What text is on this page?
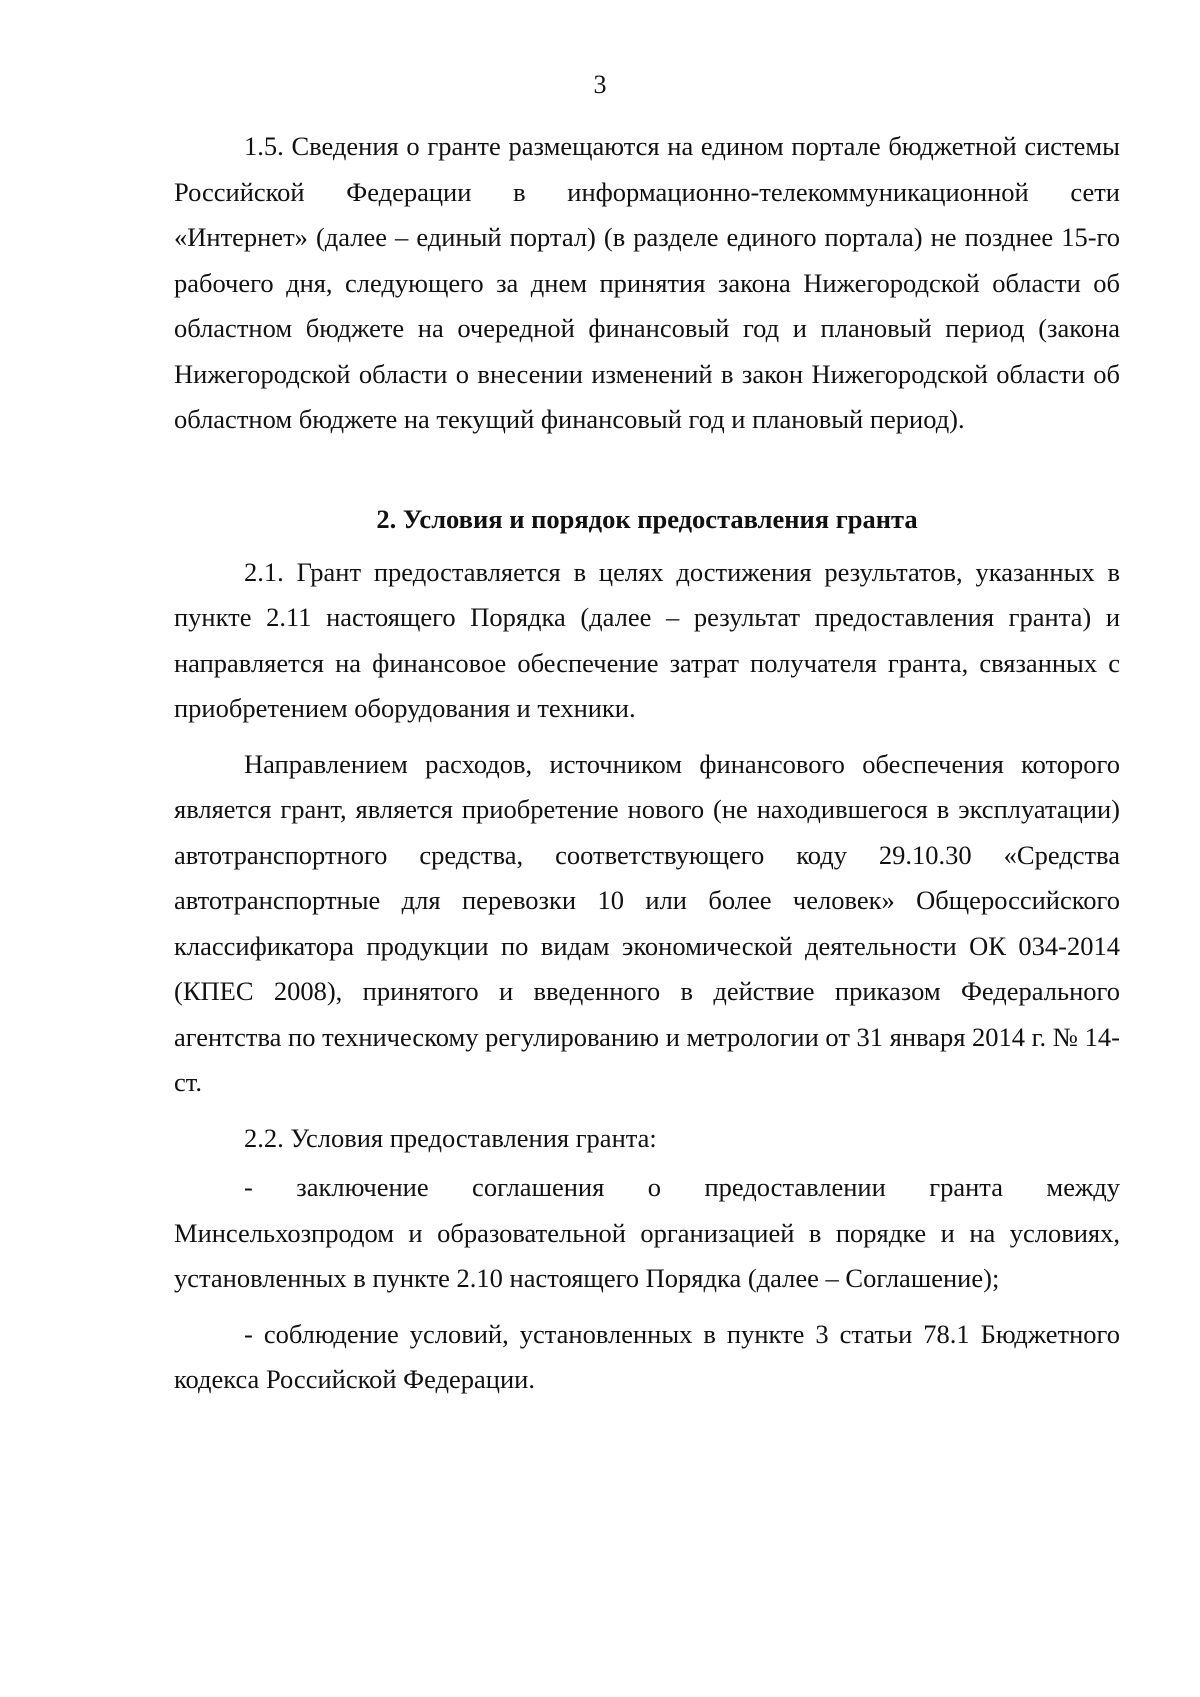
3

1.5. Сведения о гранте размещаются на едином портале бюджетной системы Российской Федерации в информационно-телекоммуникационной сети «Интернет» (далее – единый портал) (в разделе единого портала) не позднее 15-го рабочего дня, следующего за днем принятия закона Нижегородской области об областном бюджете на очередной финансовый год и плановый период (закона Нижегородской области о внесении изменений в закон Нижегородской области об областном бюджете на текущий финансовый год и плановый период).

2. Условия и порядок предоставления гранта

2.1. Грант предоставляется в целях достижения результатов, указанных в пункте 2.11 настоящего Порядка (далее – результат предоставления гранта) и направляется на финансовое обеспечение затрат получателя гранта, связанных с приобретением оборудования и техники.

Направлением расходов, источником финансового обеспечения которого является грант, является приобретение нового (не находившегося в эксплуатации) автотранспортного средства, соответствующего коду 29.10.30 «Средства автотранспортные для перевозки 10 или более человек» Общероссийского классификатора продукции по видам экономической деятельности ОК 034-2014 (КПЕС 2008), принятого и введенного в действие приказом Федерального агентства по техническому регулированию и метрологии от 31 января 2014 г. № 14-ст.

2.2. Условия предоставления гранта:

- заключение соглашения о предоставлении гранта между Минсельхозпродом и образовательной организацией в порядке и на условиях, установленных в пункте 2.10 настоящего Порядка (далее – Соглашение);

- соблюдение условий, установленных в пункте 3 статьи 78.1 Бюджетного кодекса Российской Федерации.
